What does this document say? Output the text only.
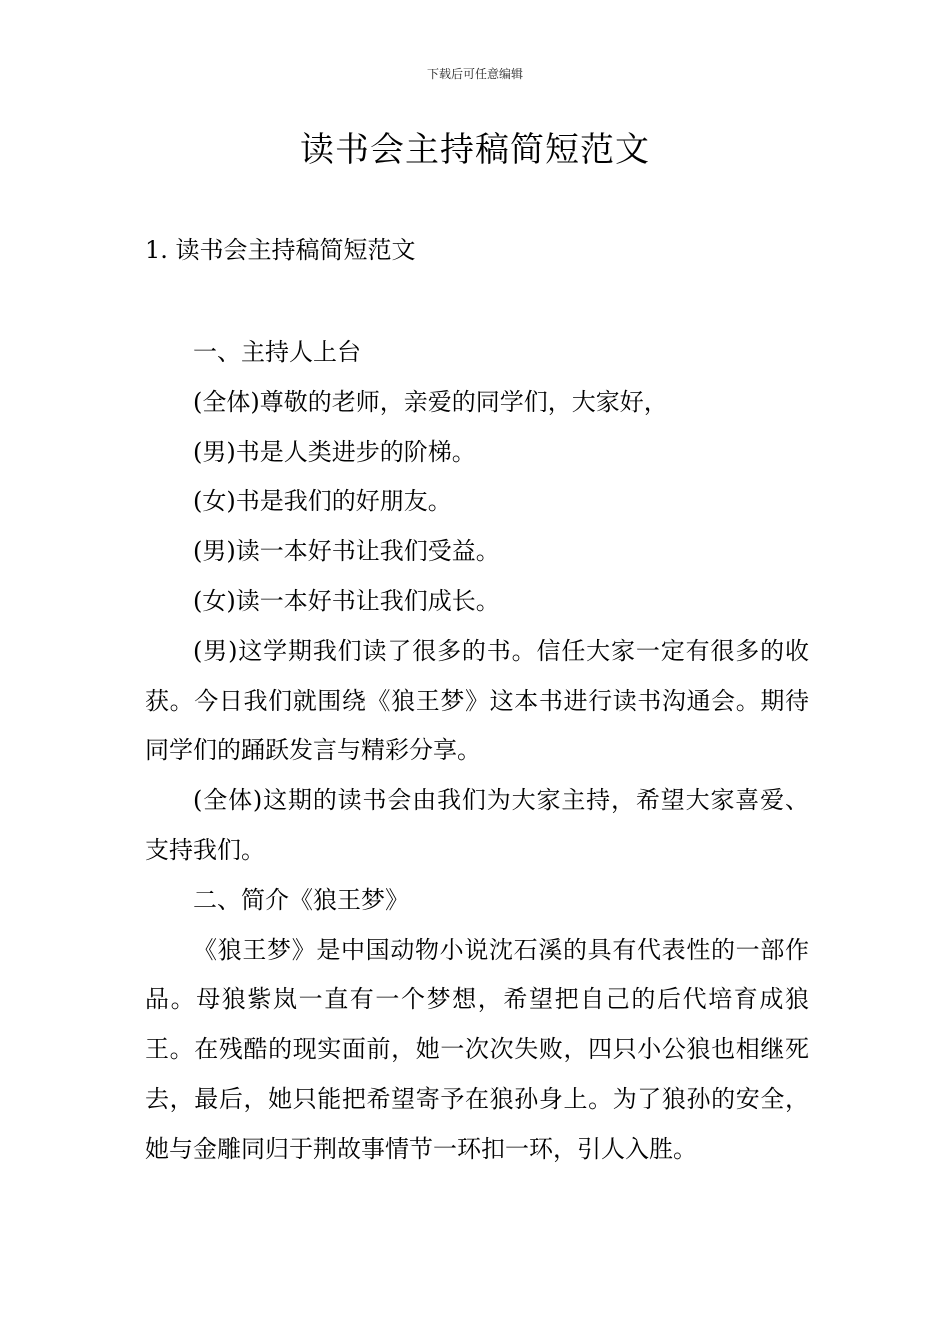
下载后可任意编辑
读书会主持稿简短范文
1. 读书会主持稿简短范文

一、主持人上台

(全体)尊敬的老师，亲爱的同学们，大家好，

(男)书是人类进步的阶梯。

(女)书是我们的好朋友。

(男)读一本好书让我们受益。

(女)读一本好书让我们成长。

(男)这学期我们读了很多的书。信任大家一定有很多的收获。今日我们就围绕《狼王梦》这本书进行读书沟通会。期待同学们的踊跃发言与精彩分享。

(全体)这期的读书会由我们为大家主持，希望大家喜爱、支持我们。

二、简介《狼王梦》

《狼王梦》是中国动物小说沈石溪的具有代表性的一部作品。母狼紫岚一直有一个梦想，希望把自己的后代培育成狼王。在残酷的现实面前，她一次次失败，四只小公狼也相继死去，最后，她只能把希望寄予在狼孙身上。为了狼孙的安全，她与金雕同归于荆故事情节一环扣一环，引人入胜。
